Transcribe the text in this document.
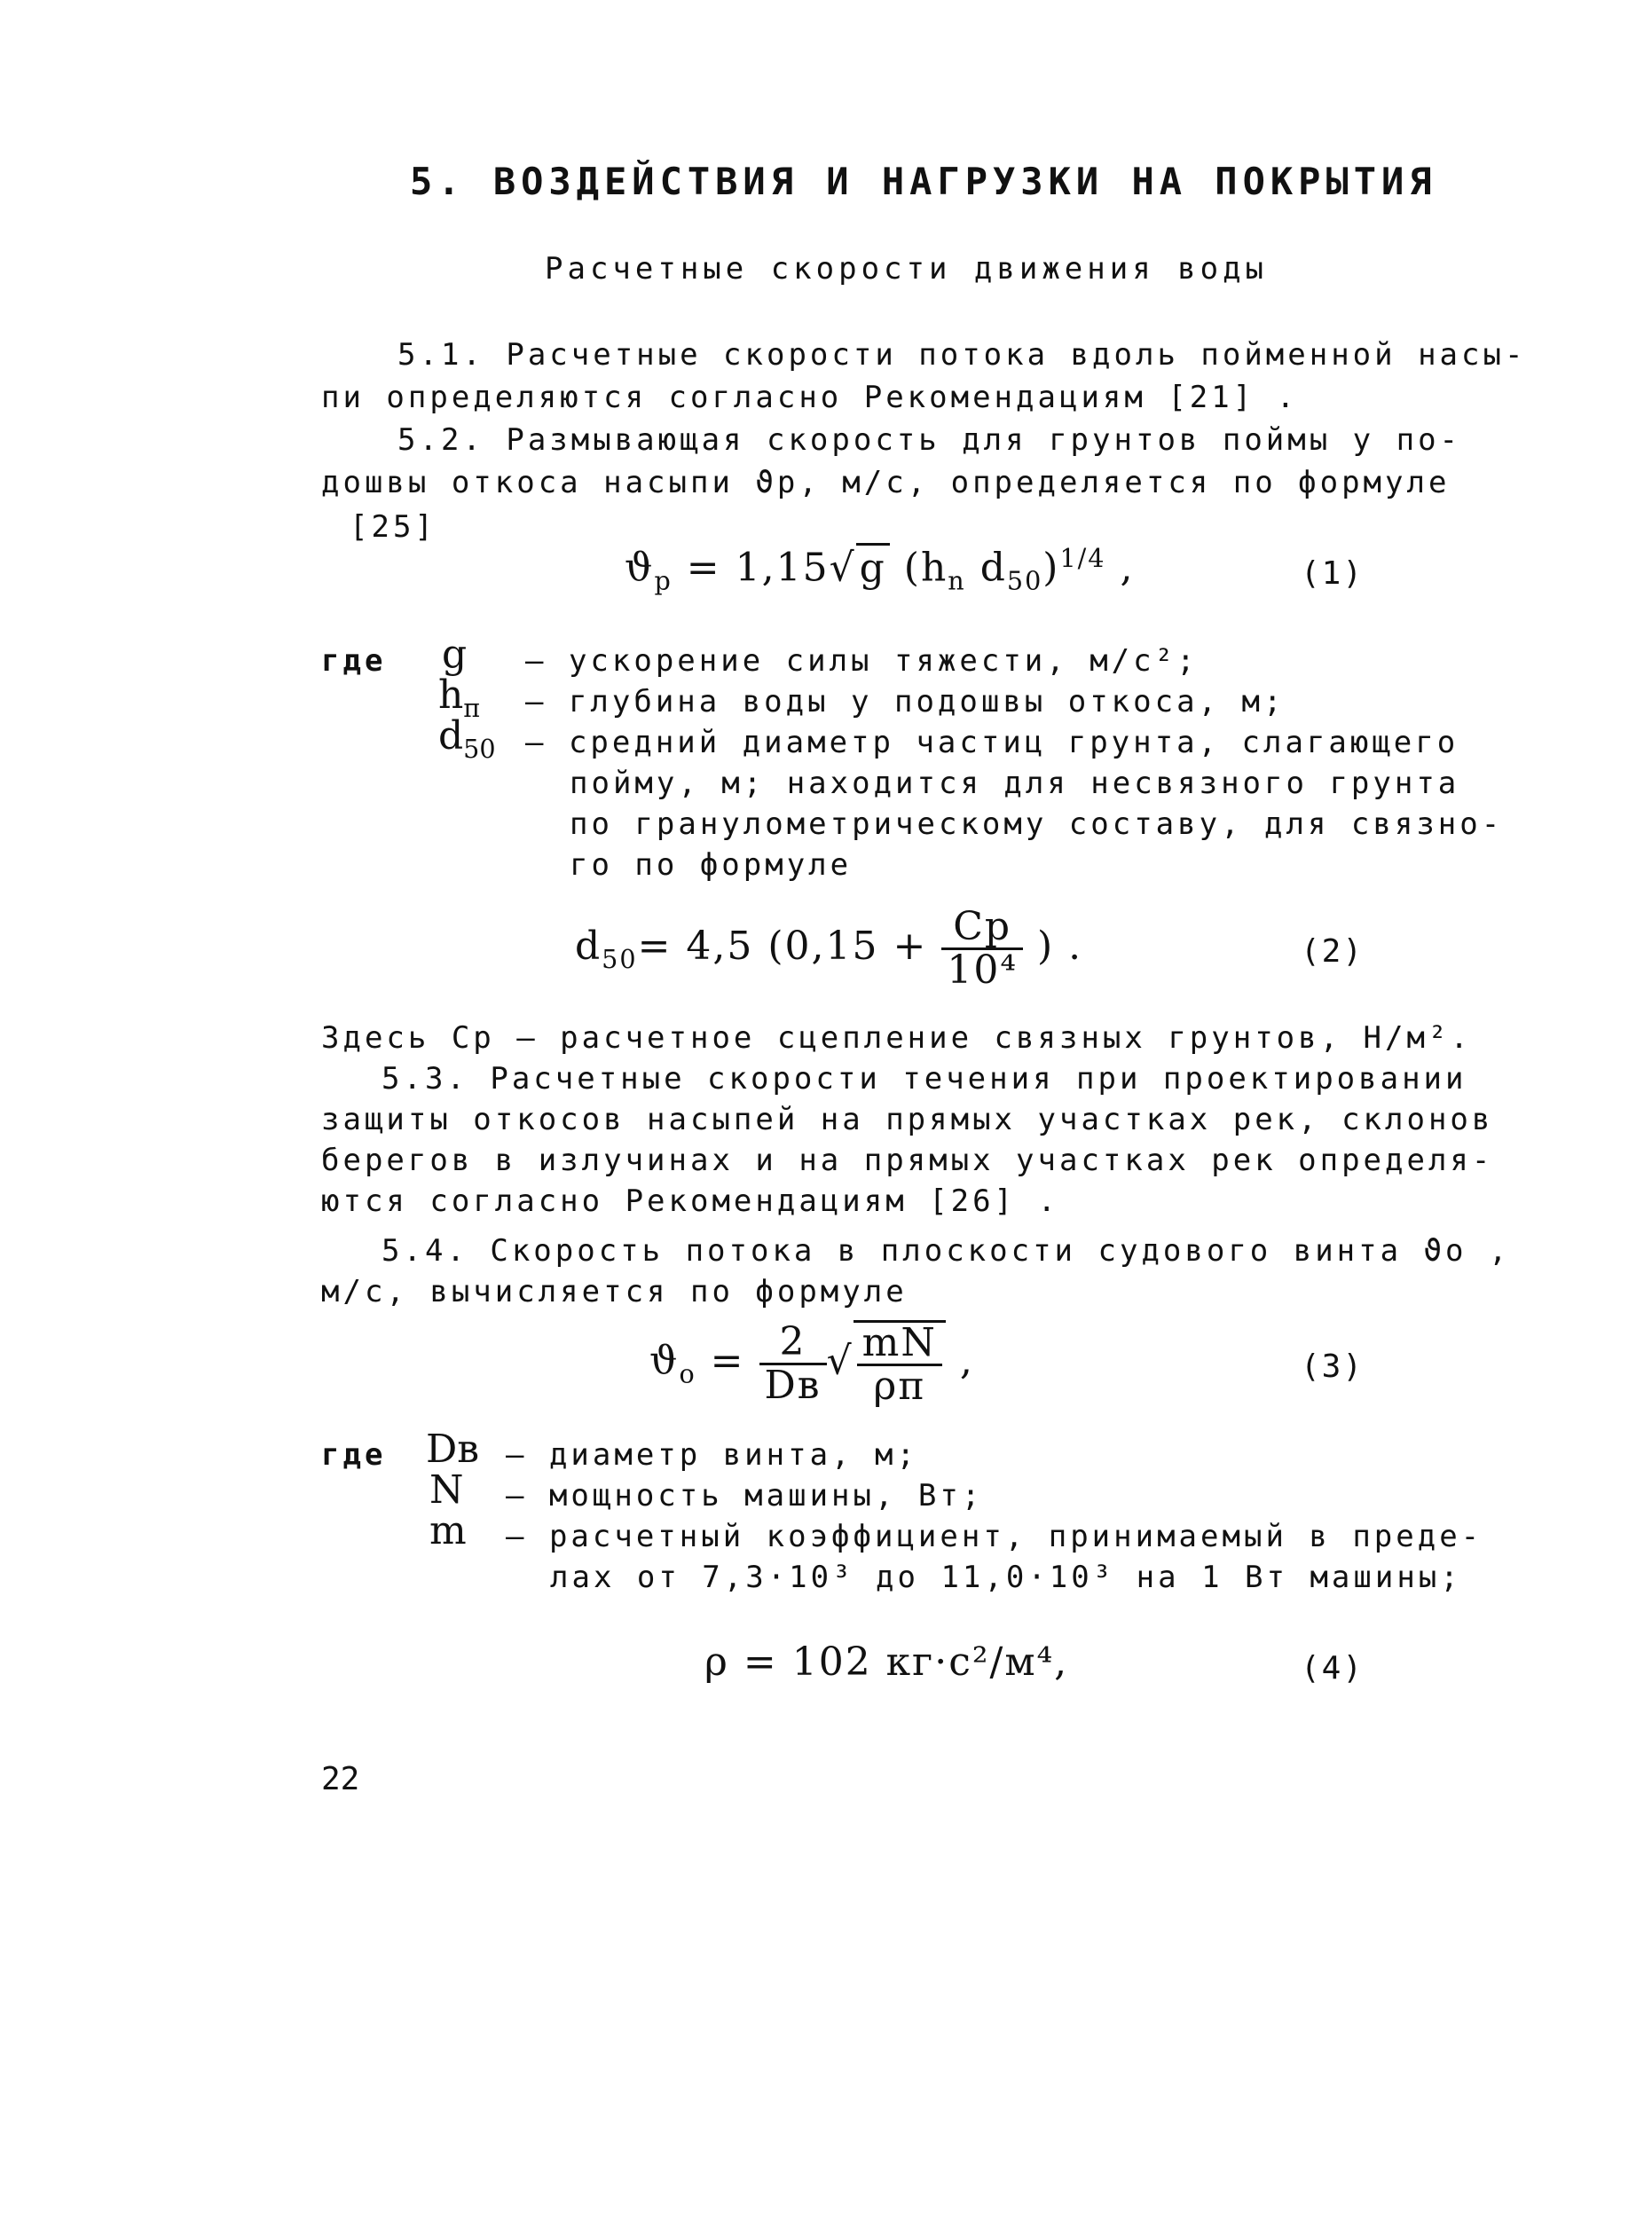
5. ВОЗДЕЙСТВИЯ И НАГРУЗКИ НА ПОКРЫТИЯ
Расчетные скорости движения воды
5.1. Расчетные скорости потока вдоль пойменной насы-
пи определяются согласно Рекомендациям [21] .
5.2. Размывающая скорость для грунтов поймы у по-
дошвы откоса насыпи ϑp, м/с, определяется по формуле
[25]
$ϑ_p = 1,15√g$ ($h_n$ $d_{50})^{1/4}$ ,	(1)
где g – ускорение силы тяжести, м/с²;
$h_п$ – глубина воды у подошвы откоса, м;
$d_{50}$ – средний диаметр частиц грунта, слагающего
пойму, м; находится для несвязного грунта
по гранулометрическому составу, для связно-
го по формуле
$d_{50}= 4,5$ ($0,15 + \frac{Cp}{\text{10⁴}}$ ) .	(2)
Здесь Cp – расчетное сцепление связных грунтов, Н/м².
5.3. Расчетные скорости течения при проектировании
защиты откосов насыпей на прямых участках рек, склонов
берегов в излучинах и на прямых участках рек определя-
ются согласно Рекомендациям [26] .
5.4. Скорость потока в плоскости судового винта ϑo ,
м/с, вычисляется по формуле
$ϑ_o = \frac{2}{Dв}$ √ $\frac{mN}{\rho\pi}$ ,	(3)
где Dв – диаметр винта, м;
N – мощность машины, Вт;
m – расчетный коэффициент, принимаемый в преде-
лах от 7,3·10³ до 11,0·10³ на 1 Вт машины;
ρ = 102 кг·с²/м⁴,	(4)
22
